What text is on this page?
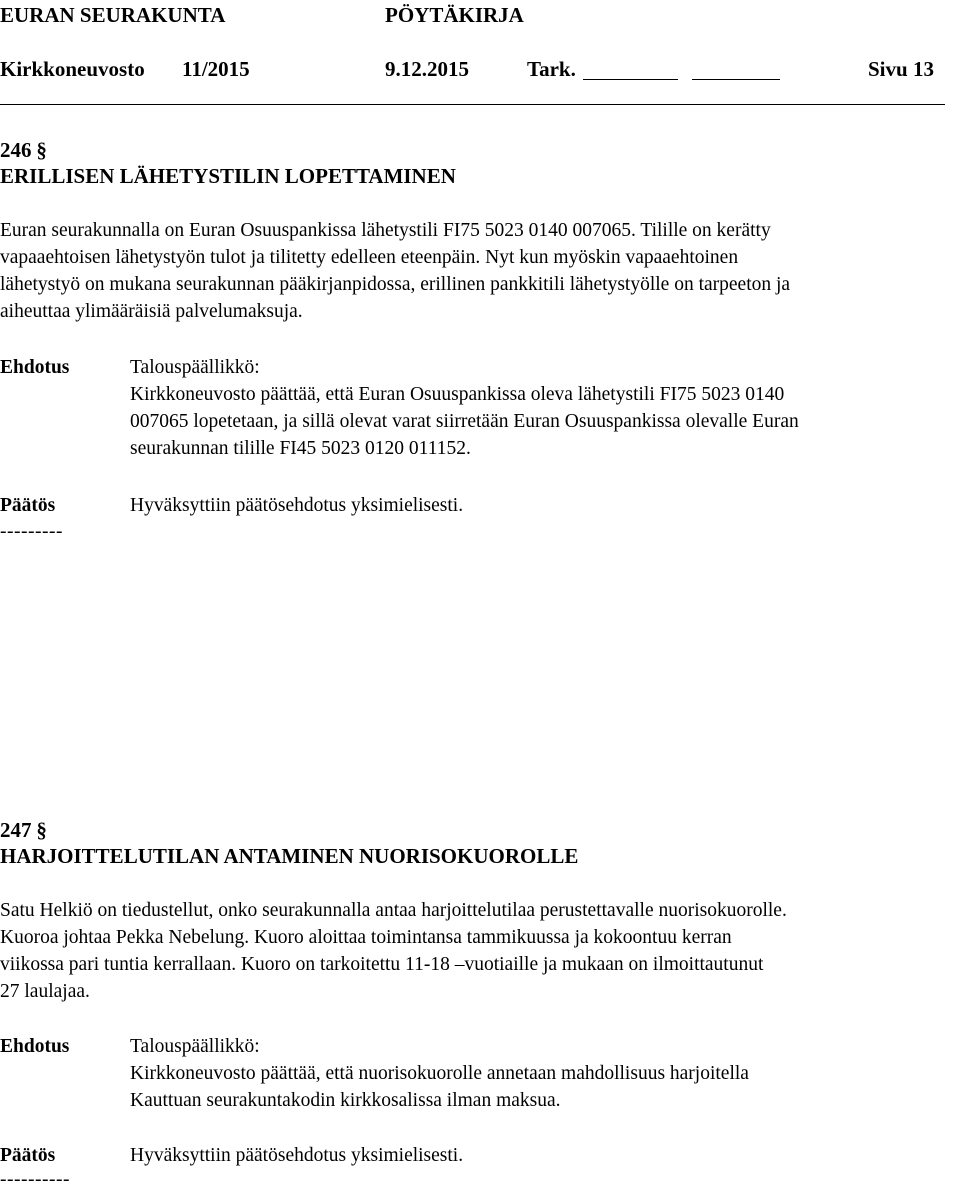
EURAN SEURAKUNTA	PÖYTÄKIRJA
Kirkkoneuvosto 11/2015	9.12.2015	Tark.	Sivu 13
246 §
ERILLISEN LÄHETYSTILIN LOPETTAMINEN
Euran seurakunnalla on Euran Osuuspankissa lähetystili FI75 5023 0140 007065. Tilille on kerätty
vapaaehtoisen lähetystyön tulot ja tilitetty edelleen eteenpäin. Nyt kun myöskin vapaaehtoinen
lähetystyö on mukana seurakunnan pääkirjanpidossa, erillinen pankkitili lähetystyölle on tarpeeton ja
aiheuttaa ylimääräisiä palvelumaksuja.
Ehdotus	Talouspäällikkö:
Kirkkoneuvosto päättää, että Euran Osuuspankissa oleva lähetystili FI75 5023 0140
007065 lopetetaan, ja sillä olevat varat siirretään Euran Osuuspankissa olevalle Euran
seurakunnan tilille FI45 5023 0120 011152.
Päätös	Hyväksyttiin päätösehdotus yksimielisesti.
---------
247 §
HARJOITTELUTILAN ANTAMINEN NUORISOKUOROLLE
Satu Helkiö on tiedustellut, onko seurakunnalla antaa harjoittelutilaa perustettavalle nuorisokuorolle.
Kuoroa johtaa Pekka Nebelung. Kuoro aloittaa toimintansa tammikuussa ja kokoontuu kerran
viikossa pari tuntia kerrallaan. Kuoro on tarkoitettu 11-18 –vuotiaille ja mukaan on ilmoittautunut
27 laulajaa.
Ehdotus	Talouspäällikkö:
Kirkkoneuvosto päättää, että nuorisokuorolle annetaan mahdollisuus harjoitella
Kauttuan seurakuntakodin kirkkosalissa ilman maksua.
Päätös	Hyväksyttiin päätösehdotus yksimielisesti.
----------
